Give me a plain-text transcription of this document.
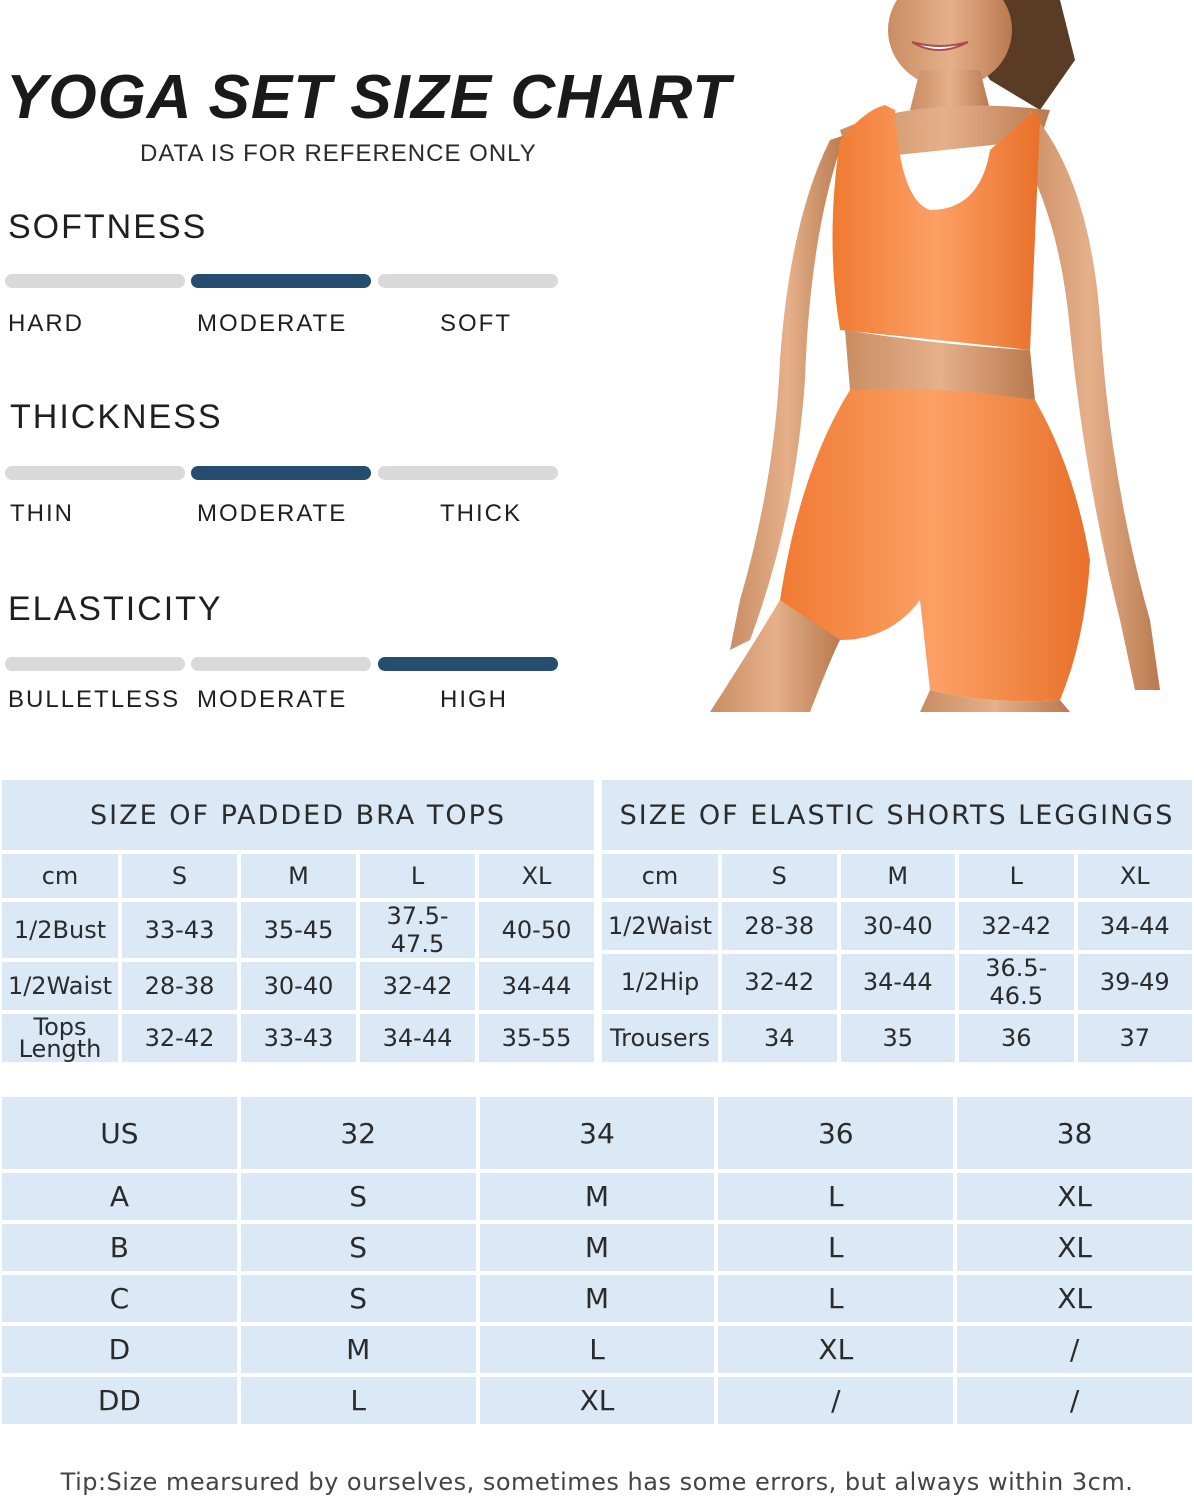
YOGA SET SIZE CHART
DATA IS FOR REFERENCE ONLY
SOFTNESS
HARD	MODERATE	SOFT
THICKNESS
THIN	MODERATE	THICK
ELASTICITY
BULLETLESS MODERATE	HIGH
SIZE OF PADDED BRA TOPS				
cm	S	M	L	XL
1/2Bust	33-43	35-45	37.5-47.5	40-50
1/2Waist	28-38	30-40	32-42	34-44
Tops
Length	32-42	33-43	34-44	35-55
SIZE OF ELASTIC SHORTS LEGGINGS				
cm	S	M	L	XL
1/2Waist	28-38	30-40	32-42	34-44
1/2Hip	32-42	34-44	36.5-46.5	39-49
Trousers	34	35	36	37
US	32	34	36	38
A	S	M	L	XL
B	S	M	L	XL
C	S	M	L	XL
D	M	L	XL	/
DD	L	XL	/	/
Tip:Size mearsured by ourselves, sometimes has some errors, but always within 3cm.
